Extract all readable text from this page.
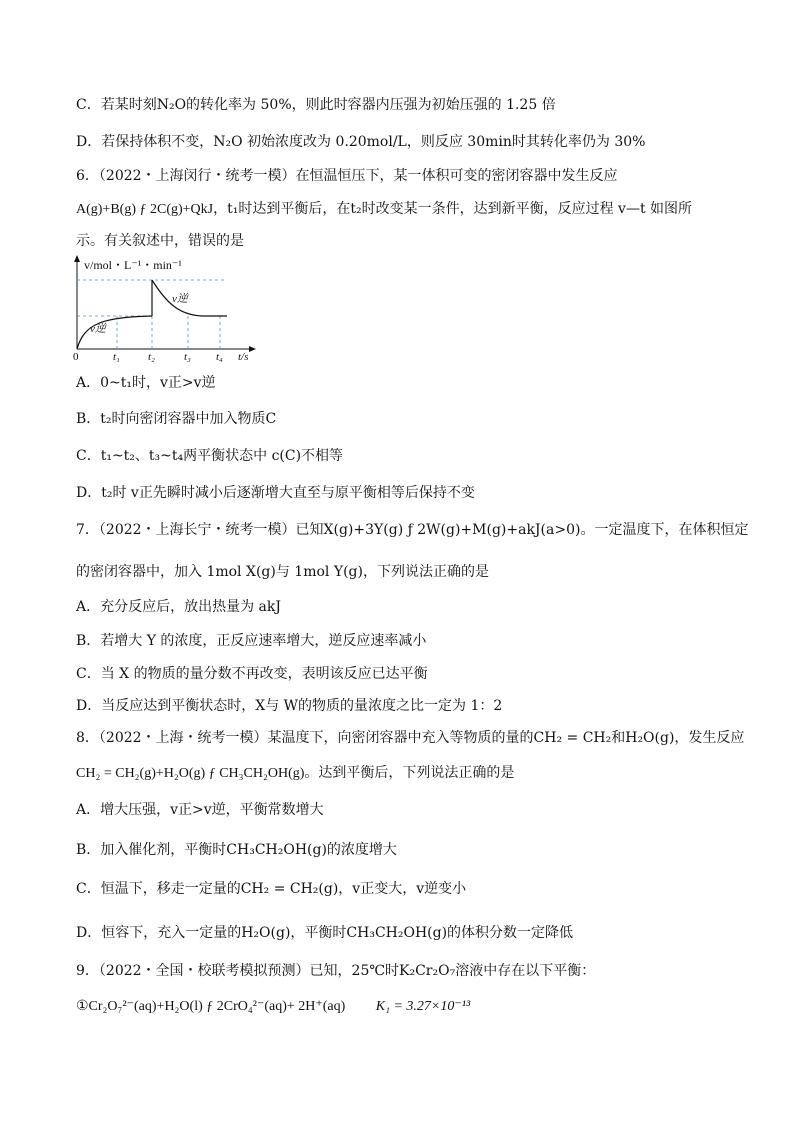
C．若某时刻N₂O的转化率为 50%，则此时容器内压强为初始压强的 1.25 倍
D．若保持体积不变，N₂O 初始浓度改为 0.20mol/L，则反应 30min时其转化率仍为 30%
6．（2022・上海闵行・统考一模）在恒温恒压下，某一体积可变的密闭容器中发生反应
A(g)+B(g) ƒ 2C(g)+QkJ，t₁时达到平衡后，在t₂时改变某一条件，达到新平衡，反应过程 v—t 如图所
示。有关叙述中，错误的是
v/mol・L⁻¹・min⁻¹
v逆
v逆
0	t₁	t₂	t₃ t₄ t/s
A．0~t₁时，v正>v逆
B．t₂时向密闭容器中加入物质C
C．t₁~t₂、t₃~t₄两平衡状态中 c(C)不相等
D．t₂时 v正先瞬时减小后逐渐增大直至与原平衡相等后保持不变
7．（2022・上海长宁・统考一模）已知X(g)+3Y(g) ƒ 2W(g)+M(g)+akJ(a>0)。一定温度下，在体积恒定
的密闭容器中，加入 1mol X(g)与 1mol Y(g)，下列说法正确的是
A．充分反应后，放出热量为 akJ
B．若增大 Y 的浓度，正反应速率增大，逆反应速率减小
C．当 X 的物质的量分数不再改变，表明该反应已达平衡
D．当反应达到平衡状态时，X与 W的物质的量浓度之比一定为 1：2
8．（2022・上海・统考一模）某温度下，向密闭容器中充入等物质的量的CH₂ = CH₂和H₂O(g)，发生反应
CH₂ = CH₂(g)+H₂O(g) ƒ CH₃CH₂OH(g)。达到平衡后，下列说法正确的是
A．增大压强，v正>v逆，平衡常数增大
B．加入催化剂，平衡时CH₃CH₂OH(g)的浓度增大
C．恒温下，移走一定量的CH₂ = CH₂(g)，v正变大，v逆变小
D．恒容下，充入一定量的H₂O(g)，平衡时CH₃CH₂OH(g)的体积分数一定降低
9．（2022・全国・校联考模拟预测）已知，25℃时K₂Cr₂O₇溶液中存在以下平衡：
①Cr₂O₇²⁻(aq)+H₂O(l) ƒ 2CrO₄²⁻(aq)+ 2H⁺(aq) K₁ = 3.27×10⁻¹³
